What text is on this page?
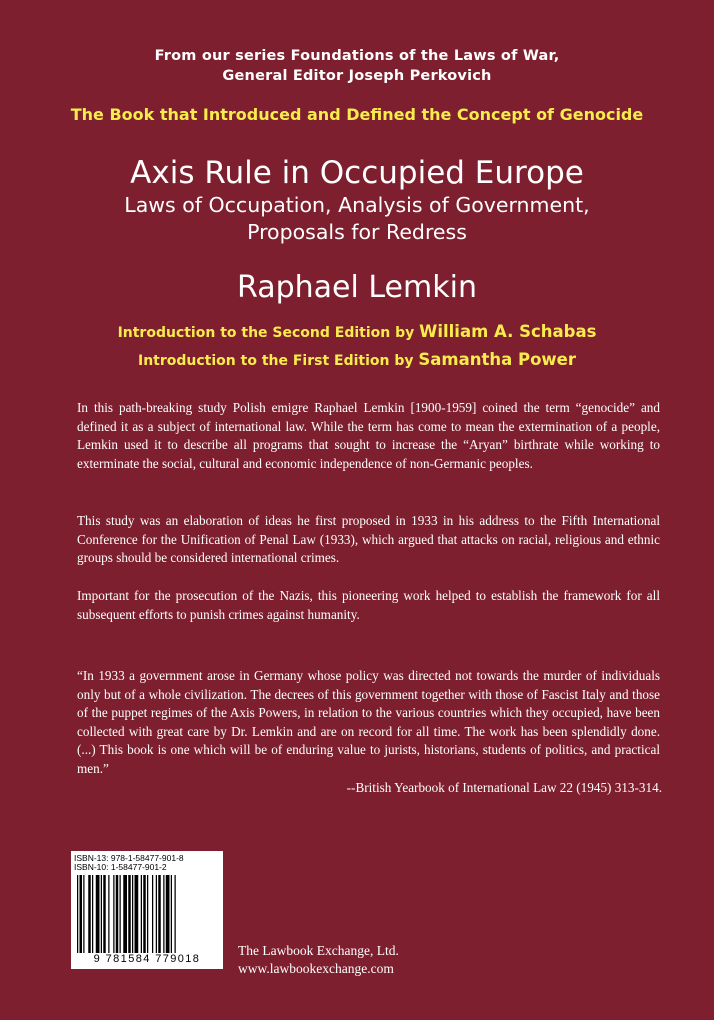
From our series Foundations of the Laws of War,
General Editor Joseph Perkovich
The Book that Introduced and Defined the Concept of Genocide
Axis Rule in Occupied Europe
Laws of Occupation, Analysis of Government,
Proposals for Redress
Raphael Lemkin
Introduction to the Second Edition by William A. Schabas
Introduction to the First Edition by Samantha Power

In this path-breaking study Polish emigre Raphael Lemkin [1900-1959] coined the term “genocide” and defined it as a subject of international law. While the term has come to mean the extermination of a people, Lemkin used it to describe all programs that sought to increase the “Aryan” birthrate while working to exterminate the social, cultural and economic independence of non-Germanic peoples.

This study was an elaboration of ideas he first proposed in 1933 in his address to the Fifth International Conference for the Unification of Penal Law (1933), which argued that attacks on racial, religious and ethnic groups should be considered international crimes.

Important for the prosecution of the Nazis, this pioneering work helped to establish the framework for all subsequent efforts to punish crimes against humanity.

“In 1933 a government arose in Germany whose policy was directed not towards the murder of individuals only but of a whole civilization. The decrees of this government together with those of Fascist Italy and those of the puppet regimes of the Axis Powers, in relation to the various countries which they occupied, have been collected with great care by Dr. Lemkin and are on record for all time. The work has been splendidly done. (...) This book is one which will be of enduring value to jurists, historians, students of politics, and practical men.”

--British Yearbook of International Law 22 (1945) 313-314.
ISBN-13: 978-1-58477-901-8
ISBN-10: 1-58477-901-2
9 781584 779018
The Lawbook Exchange, Ltd.
www.lawbookexchange.com
